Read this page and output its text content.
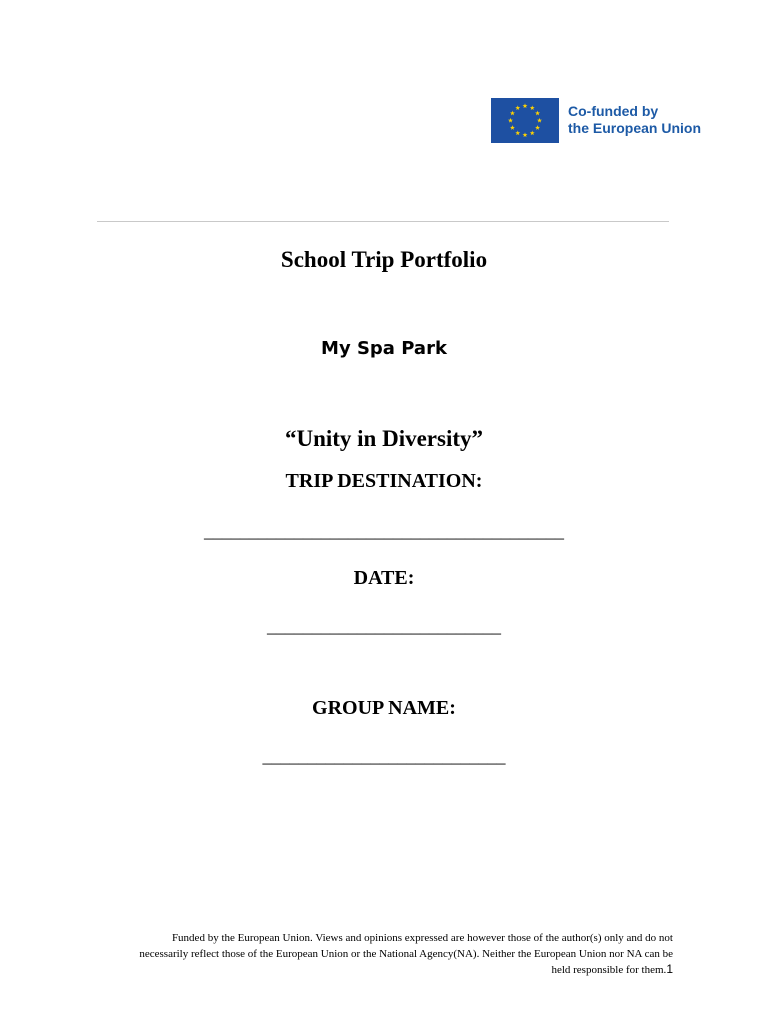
Co-funded by
the European Union
School Trip Portfolio
My Spa Park
“Unity in Diversity”
TRIP DESTINATION:
________________________________________
DATE:
__________________________
GROUP NAME:
___________________________
Funded by the European Union. Views and opinions expressed are however those of the author(s) only and do not
necessarily reflect those of the European Union or the National Agency(NA). Neither the European Union nor NA can be
held responsible for them.1
